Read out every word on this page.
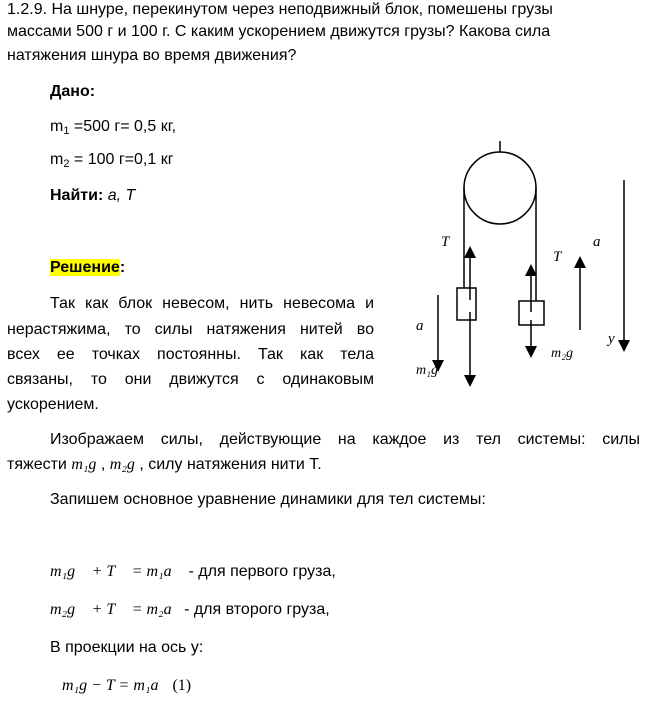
1.2.9. На шнуре, перекинутом через неподвижный блок, помешены грузы
массами 500 г и 100 г. С каким ускорением движутся грузы? Какова сила
натяжения шнура во время движения?
Дано:
$m_1 =500$ г= 0,5 кг,
$m_2 = 100$ г=0,1 кг
Найти: a, T
Решение:
Так как блок невесом, нить невесома и
нерастяжима, то силы натяжения нитей во
всех ее точках постоянны. Так как тела
связаны, то они движутся с одинаковым
ускорением.
Изображаем силы, действующие на каждое из тел системы: силы
тяжести m₁g , m₂g , силу натяжения нити T.
Запишем основное уравнение динамики для тел системы:
m₁g⃗ + T⃗ = m₁a⃗ - для первого груза,
m₂g⃗ + T⃗ = m₂a⃗- для второго груза,
В проекции на ось y:
m₁g − T = m₁a (1)
T⃗
T⃗
a⃗
a⃗
m₁g⃗
m₂g⃗
y
